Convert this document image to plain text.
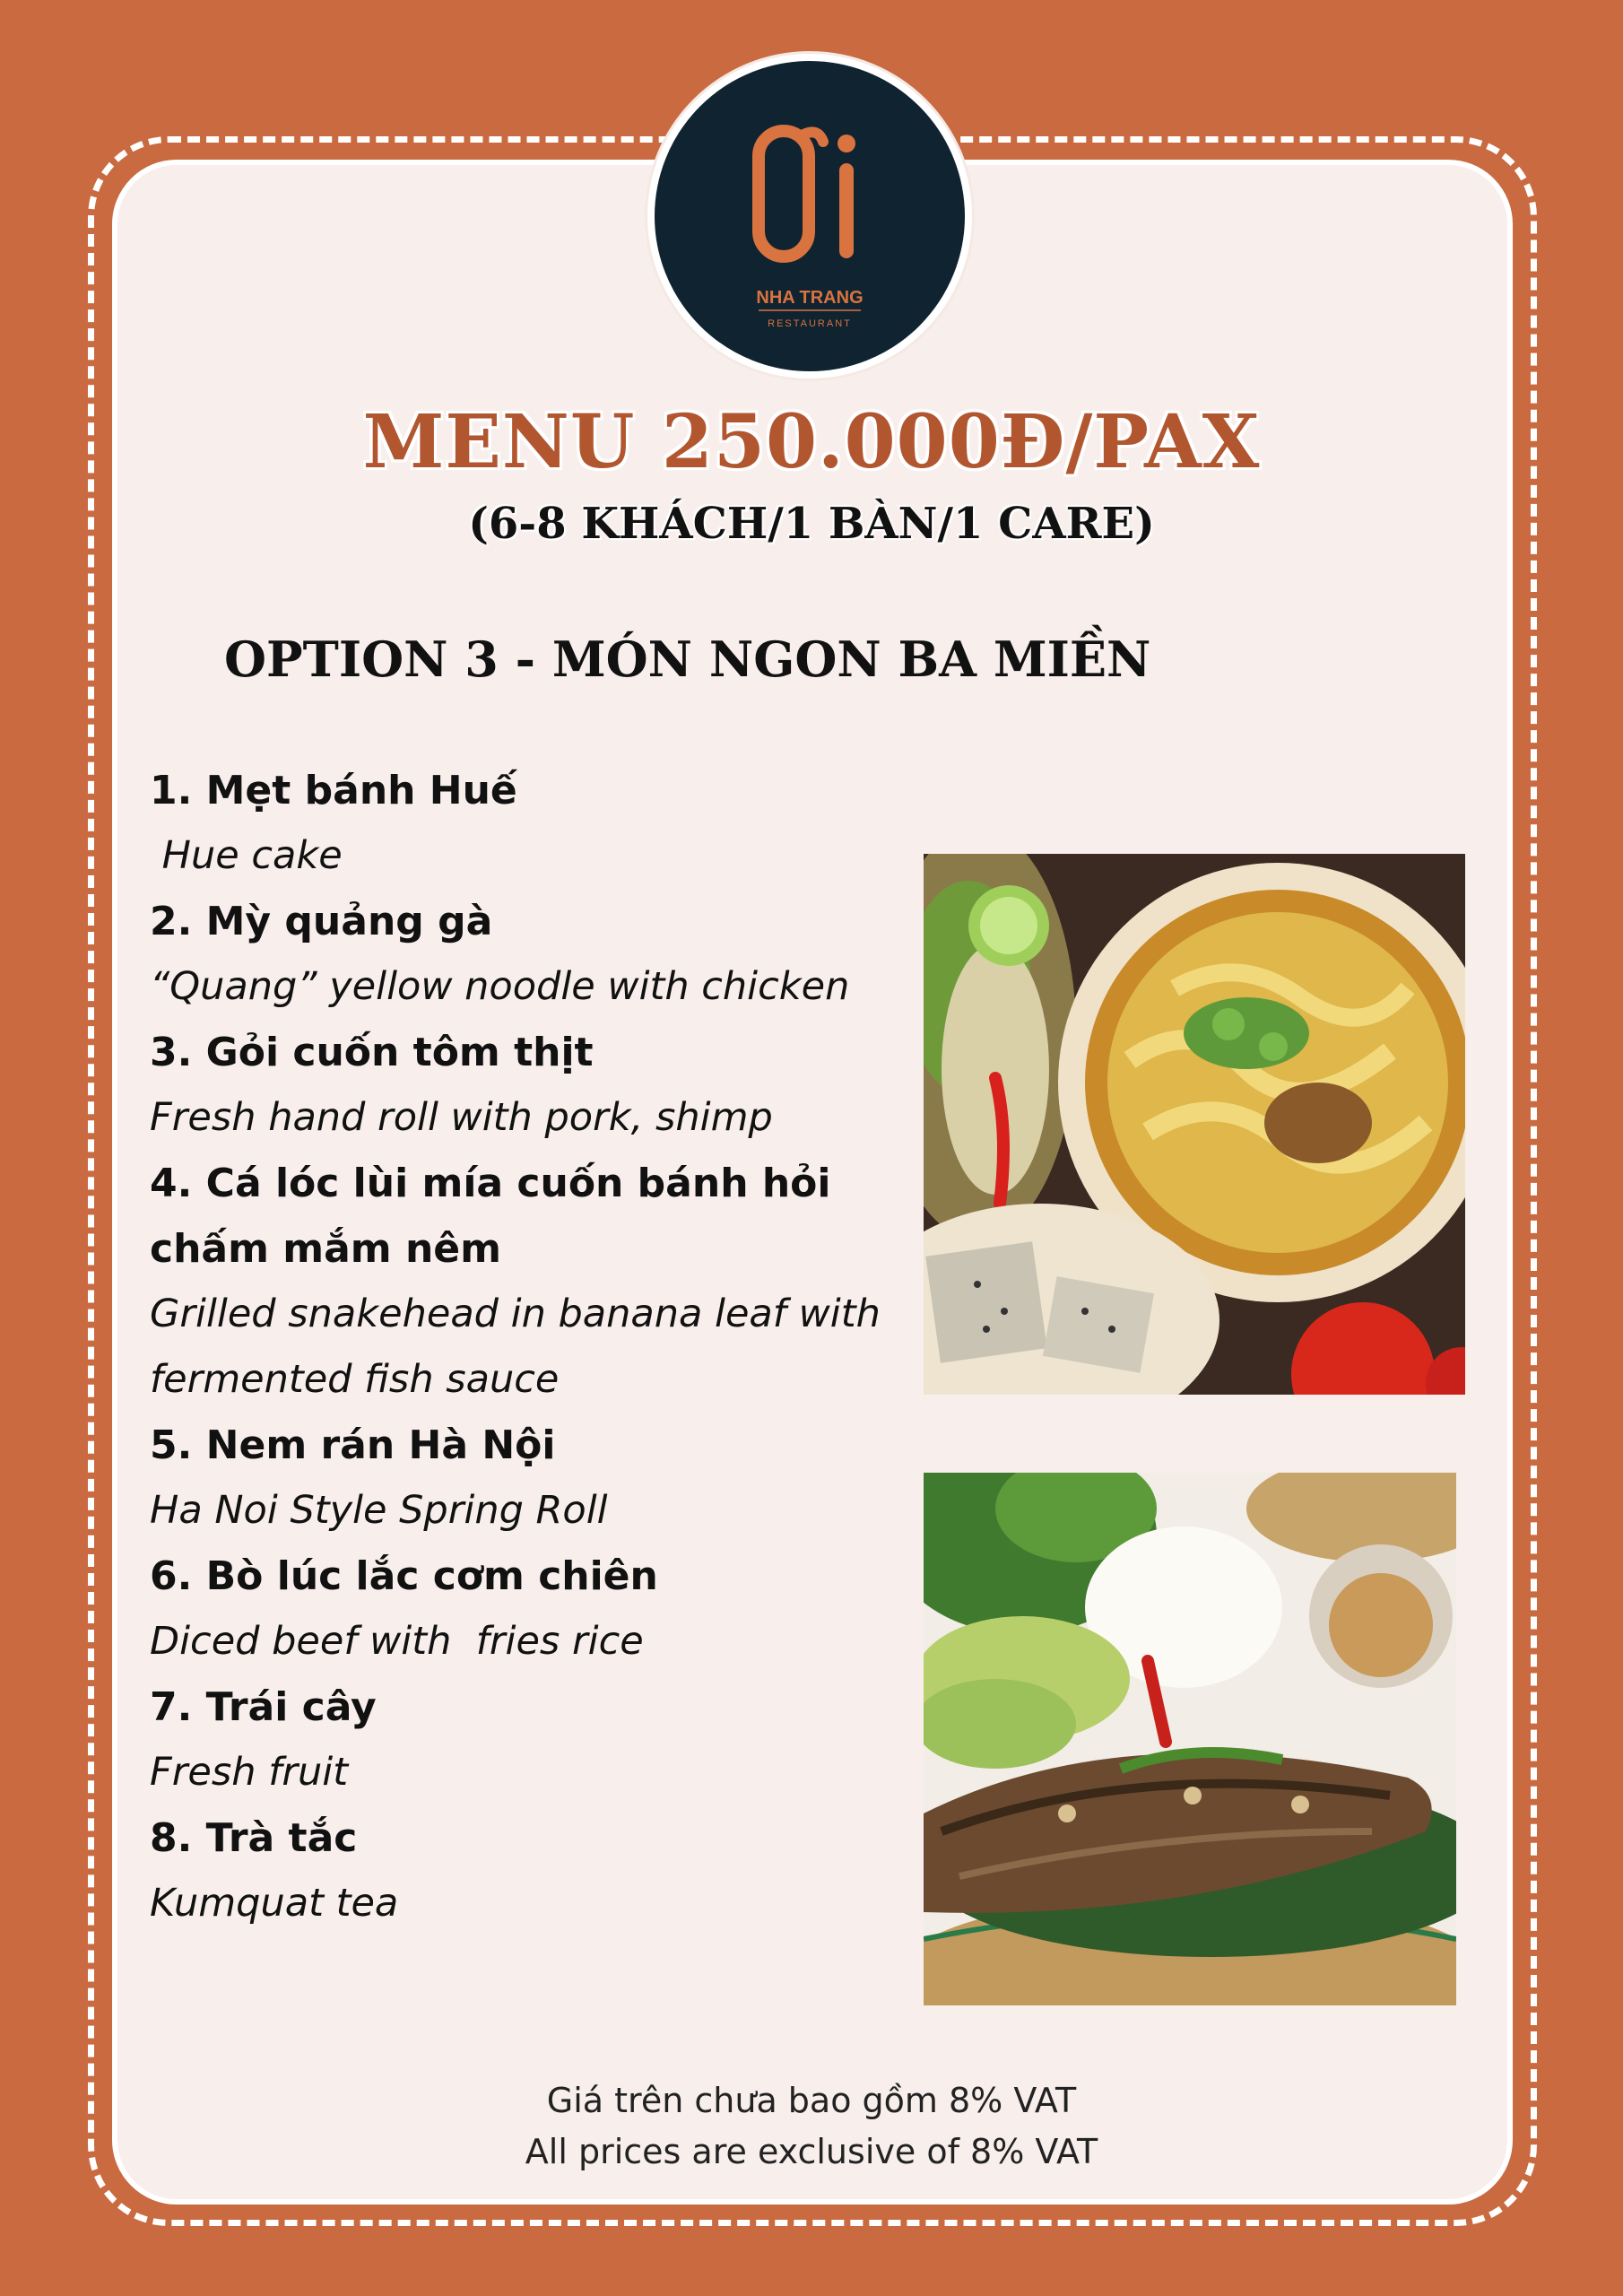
NHA TRANG
RESTAURANT
MENU 250.000Đ/PAX
(6-8 KHÁCH/1 BÀN/1 CARE)
OPTION 3 - MÓN NGON BA MIỀN
1. Mẹt bánh Huế
Hue cake
2. Mỳ quảng gà
“Quang” yellow noodle with chicken
3. Gỏi cuốn tôm thịt
Fresh hand roll with pork, shimp
4. Cá lóc lùi mía cuốn bánh hỏi chấm mắm nêm
Grilled snakehead in banana leaf with fermented fish sauce
5. Nem rán Hà Nội
Ha Noi Style Spring Roll
6. Bò lúc lắc cơm chiên
Diced beef with  fries rice
7. Trái cây
Fresh fruit
8. Trà tắc
Kumquat tea
Giá trên chưa bao gồm 8% VAT
All prices are exclusive of 8% VAT
